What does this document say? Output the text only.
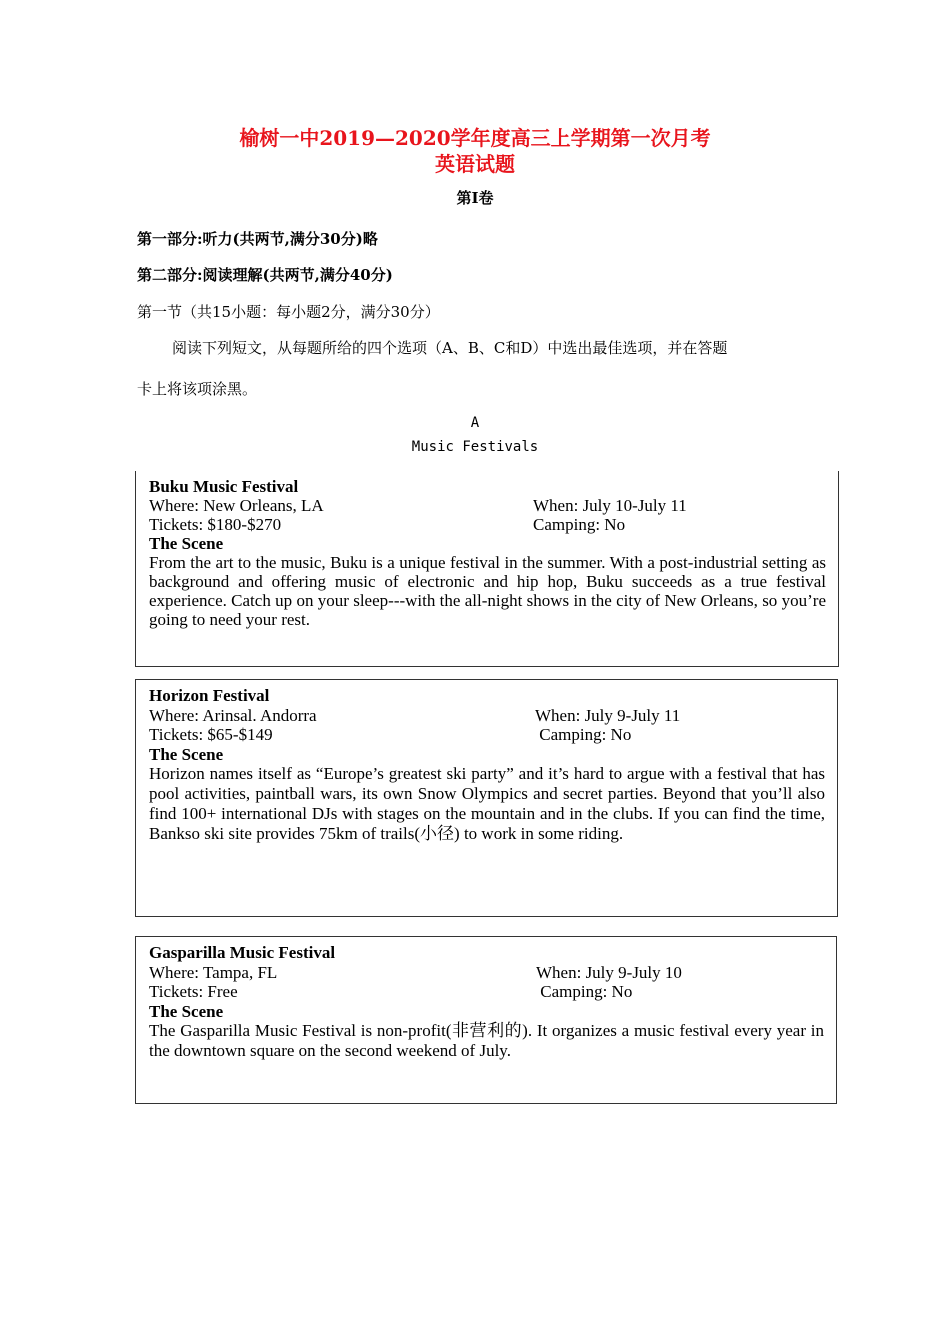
榆树一中2019—2020学年度高三上学期第一次月考
英语试题
第Ⅰ卷
第一部分:听力(共两节,满分30分)略
第二部分:阅读理解(共两节,满分40分)
第一节（共15小题：每小题2分，满分30分）
阅读下列短文，从每题所给的四个选项（A、B、C和D）中选出最佳选项，并在答题
卡上将该项涂黑。
A
Music Festivals
Buku Music Festival
Where: New Orleans, LA	When: July 10-July 11
Tickets: $180-$270	Camping: No
The Scene
From the art to the music, Buku is a unique festival in the summer. With a post-industrial setting as background and offering music of electronic and hip hop, Buku succeeds as a true festival experience. Catch up on your sleep---with the all-night shows in the city of New Orleans, so you’re going to need your rest.
Horizon Festival
Where: Arinsal. Andorra	When: July 9-July 11
Tickets: $65-$149	Camping: No
The Scene
Horizon names itself as “Europe’s greatest ski party” and it’s hard to argue with a festival that has pool activities, paintball wars, its own Snow Olympics and secret parties. Beyond that you’ll also find 100+ international DJs with stages on the mountain and in the clubs. If you can find the time, Bankso ski site provides 75km of trails(小径) to work in some riding.
Gasparilla Music Festival
Where: Tampa, FL	When: July 9-July 10
Tickets: Free	Camping: No
The Scene
The Gasparilla Music Festival is non-profit(非营利的). It organizes a music festival every year in the downtown square on the second weekend of July.
